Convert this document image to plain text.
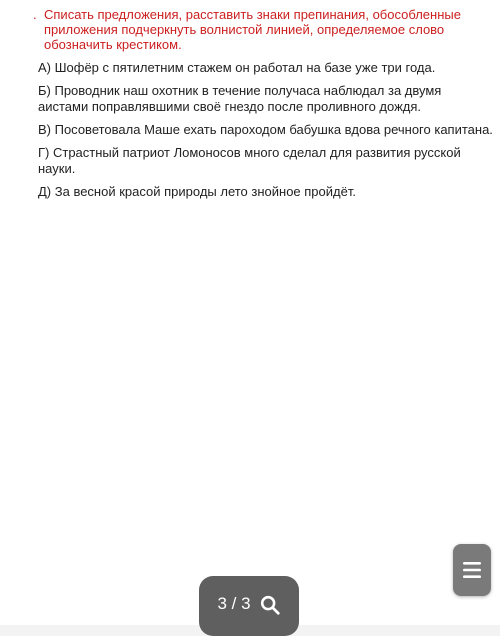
. Списать предложения, расставить знаки препинания, обособленные приложения подчеркнуть волнистой линией, определяемое слово обозначить крестиком.

А) Шофёр с пятилетним стажем он работал на базе уже три года.

Б) Проводник наш охотник в течение получаса наблюдал за двумя аистами поправлявшими своё гнездо после проливного дождя.

В) Посоветовала Маше ехать пароходом бабушка вдова речного капитана.

Г) Страстный патриот Ломоносов много сделал для развития русской науки.

Д) За весной красой природы лето знойное пройдёт.

3 / 3
